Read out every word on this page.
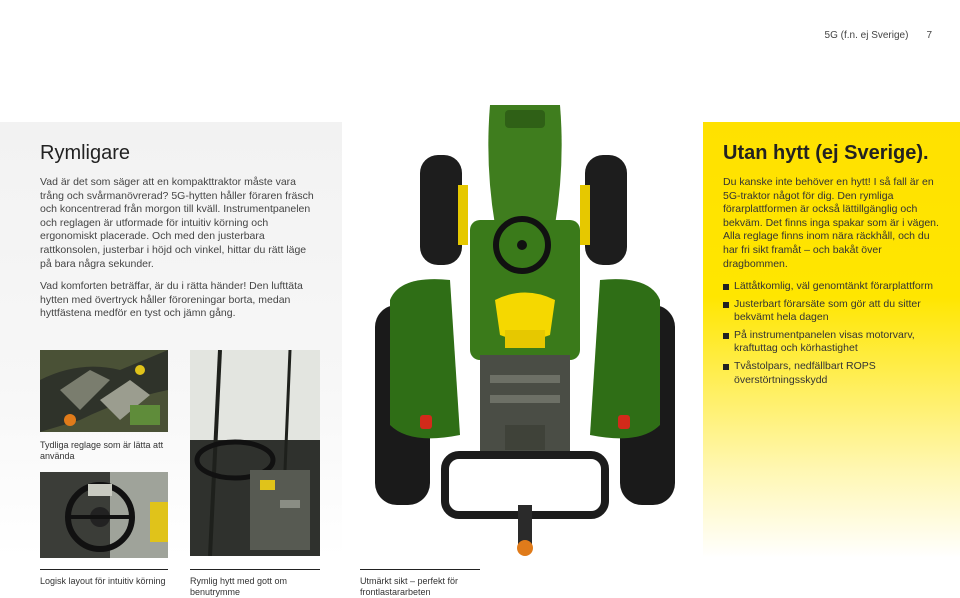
5G (f.n. ej Sverige) 7
Rymligare

Vad är det som säger att en kompakttraktor måste vara trång och svårmanövrerad? 5G-hytten håller föraren fräsch och koncentrerad från morgon till kväll. Instrumentpanelen och reglagen är utformade för intuitiv körning och ergonomiskt placerade. Och med den justerbara rattkonsolen, justerbar i höjd och vinkel, hittar du rätt läge på bara några sekunder.

Vad komforten beträffar, är du i rätta händer! Den lufttäta hytten med övertryck håller föroreningar borta, medan hyttfästena medför en tyst och jämn gång.

Tydliga reglage som är lätta att använda
Utan hytt (ej Sverige).

Du kanske inte behöver en hytt! I så fall är en 5G-traktor något för dig. Den rymliga förarplattformen är också lättillgänglig och bekväm. Det finns inga spakar som är i vägen. Alla reglage finns inom nära räckhåll, och du har fri sikt framåt – och bakåt över dragbommen.

Lättåtkomlig, väl genomtänkt förarplattform
Justerbart förarsäte som gör att du sitter bekvämt hela dagen
På instrumentpanelen visas motorvarv, kraftuttag och körhastighet
Tvåstolpars, nedfällbart ROPS överstörtningsskydd
Logisk layout för intuitiv körning	Rymlig hytt med gott om benutrymme
Utmärkt sikt – perfekt för frontlastararbeten
